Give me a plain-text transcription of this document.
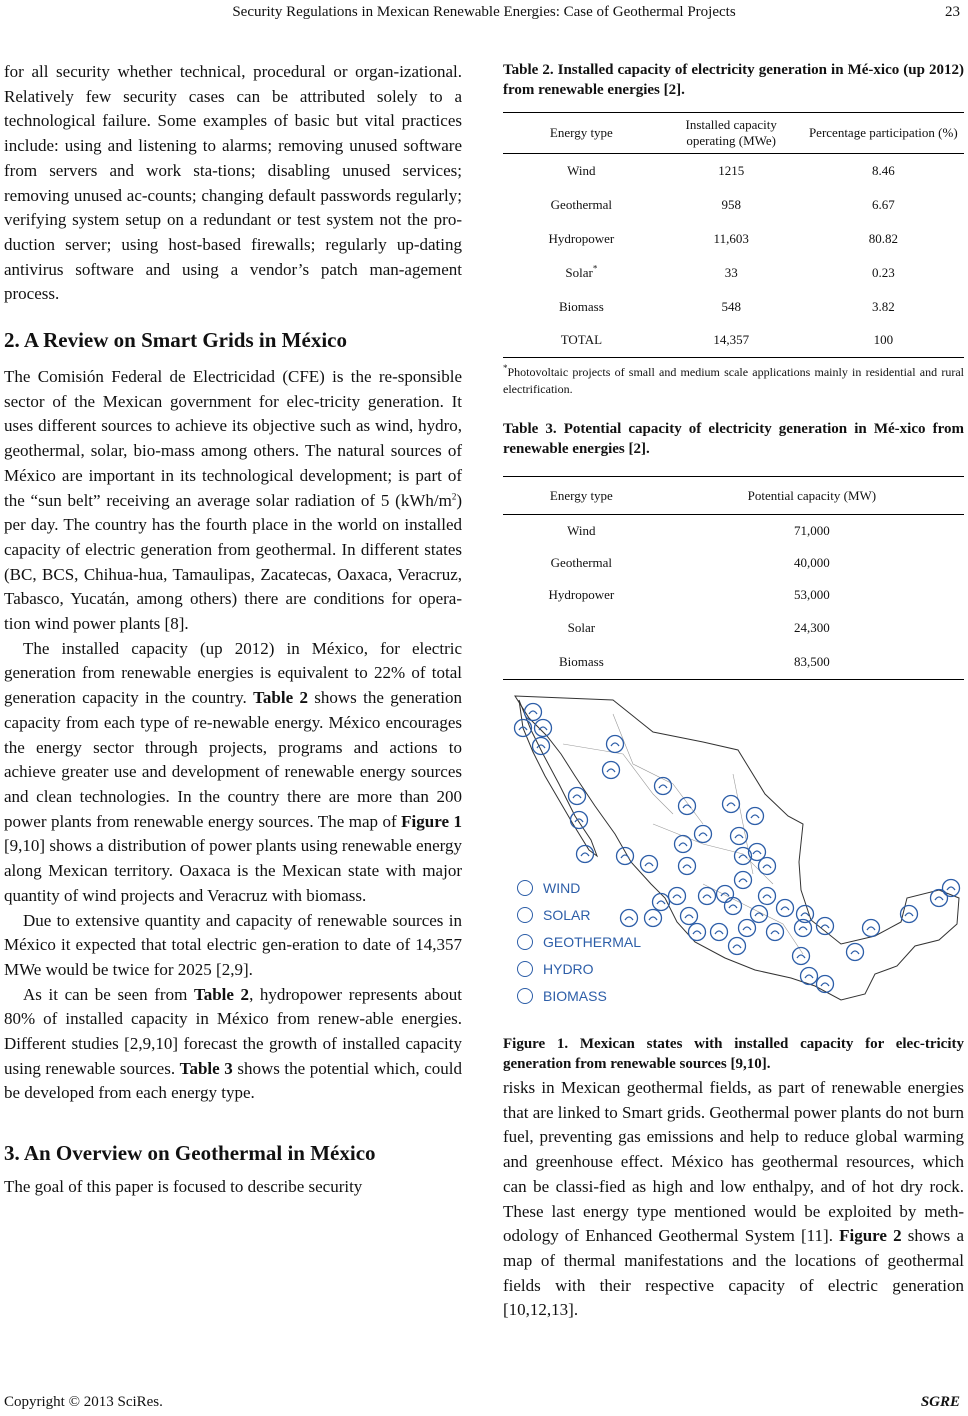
Security Regulations in Mexican Renewable Energies: Case of Geothermal Projects	23

for all security whether technical, procedural or organ-izational. Relatively few security cases can be attributed solely to a technological failure. Some examples of basic but vital practices include: using and listening to alarms; removing unused software from servers and work sta-tions; disabling unused services; removing unused ac-counts; changing default passwords regularly; verifying system setup on a redundant or test system not the pro-duction server; using host-based firewalls; regularly up-dating antivirus software and using a vendor’s patch man-agement process.

2. A Review on Smart Grids in México

The Comisión Federal de Electricidad (CFE) is the re-sponsible sector of the Mexican government for elec-tricity generation. It uses different sources to achieve its objective such as wind, hydro, geothermal, solar, bio-mass among others. The natural sources of México are important in its technological development; is part of the “sun belt” receiving an average solar radiation of 5 $(kWh/m^2)$ per day. The country has the fourth place in the world on installed capacity of electric generation from geothermal. In different states (BC, BCS, Chihua-hua, Tamaulipas, Zacatecas, Oaxaca, Veracruz, Tabasco, Yucatán, among others) there are conditions for opera-tion wind power plants [8].

The installed capacity (up 2012) in México, for electric generation from renewable energies is equivalent to 22% of total generation capacity in the country. Table 2 shows the generation capacity from each type of re-newable energy. México encourages the energy sector through projects, programs and actions to achieve greater use and development of renewable energy sources and clean technologies. In the country there are more than 200 power plants from renewable energy sources. The map of Figure 1 [9,10] shows a distribution of power plants using renewable energy along Mexican territory. Oaxaca is the Mexican state with major quantity of wind projects and Veracruz with biomass.

Due to extensive quantity and capacity of renewable sources in México it expected that total electric gen-eration to date of 14,357 MWe would be twice for 2025 [2,9].

As it can be seen from Table 2, hydropower represents about 80% of installed capacity in México from renew-able energies. Different studies [2,9,10] forecast the growth of installed capacity using renewable sources. Table 3 shows the potential which, could be developed from each energy type.

3. An Overview on Geothermal in México

The goal of this paper is focused to describe security

Table 2. Installed capacity of electricity generation in Mé-xico (up 2012) from renewable energies [2].

Energy type	Installed capacity operating (MWe)	Percentage participation (%)
Wind	1215	8.46
Geothermal	958	6.67
Hydropower	11,603	80.82
Solar*	33	0.23
Biomass	548	3.82
TOTAL	14,357	100

*Photovoltaic projects of small and medium scale applications mainly in residential and rural electrification.

Table 3. Potential capacity of electricity generation in Mé-xico from renewable energies [2].

Energy type	Potential capacity (MW)
Wind	71,000
Geothermal	40,000
Hydropower	53,000
Solar	24,300
Biomass	83,500
WIND
SOLAR
GEOTHERMAL
HYDRO
BIOMASS

Figure 1. Mexican states with installed capacity for elec-tricity generation from renewable sources [9,10].

risks in Mexican geothermal fields, as part of renewable energies that are linked to Smart grids. Geothermal power plants do not burn fuel, preventing gas emissions and help to reduce global warming and greenhouse effect. México has geothermal resources, which can be classi-fied as high and low enthalpy, and of hot dry rock. These last energy type mentioned would be exploited by meth-odology of Enhanced Geothermal System [11]. Figure 2 shows a map of thermal manifestations and the locations of geothermal fields with their respective capacity of electric generation [10,12,13].

Copyright © 2013 SciRes.	SGRE
